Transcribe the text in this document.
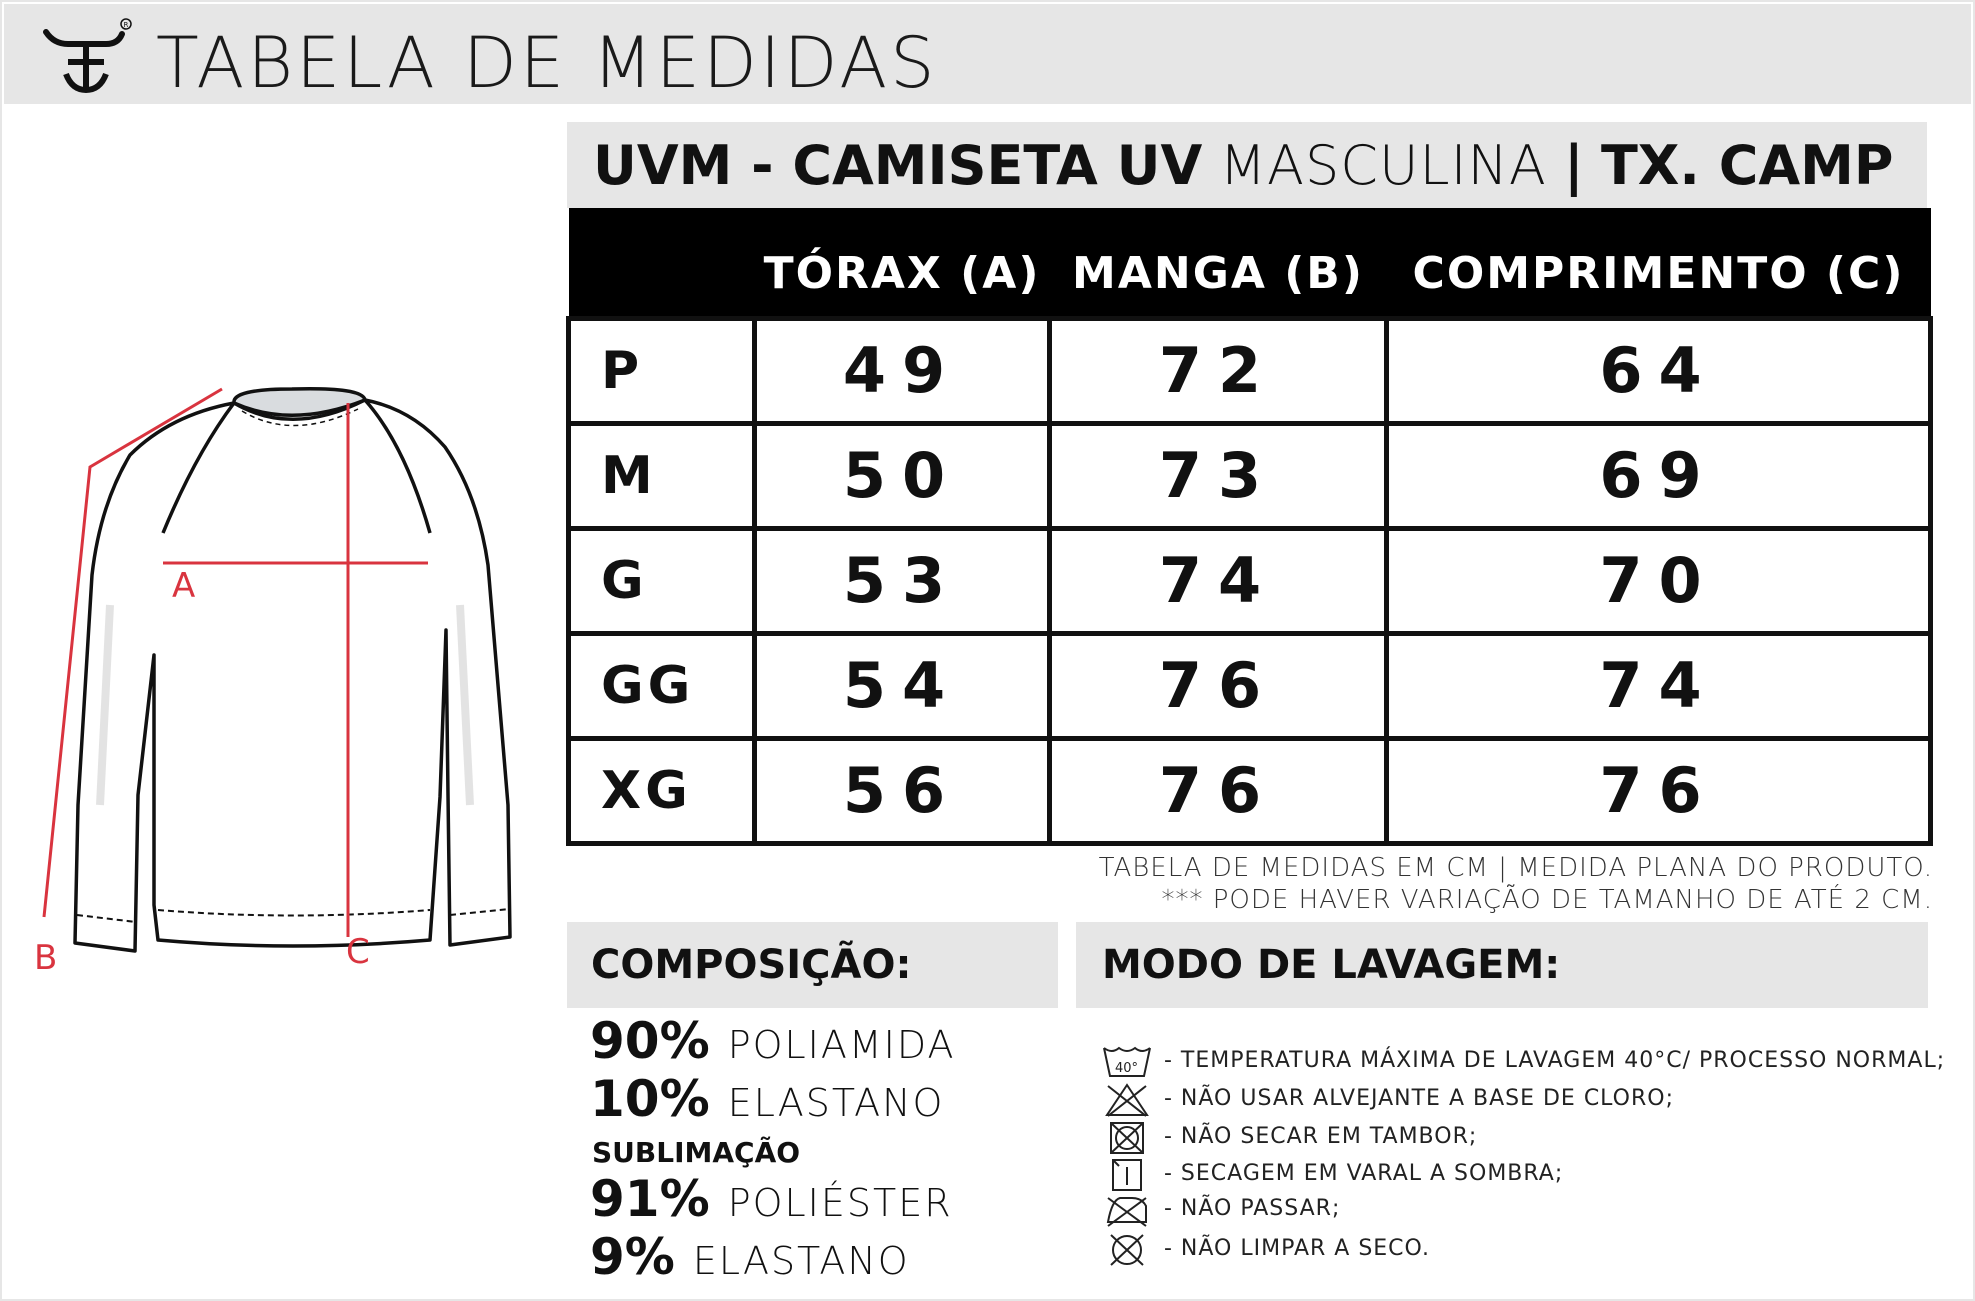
R TABELA DE MEDIDAS
A
B	C
UVM - CAMISETA UV MASCULINA | TX. CAMP
	TÓRAX (A)	MANGA (B)	COMPRIMENTO (C)
P	49	72	64
M	50	73	69
G	53	74	70
GG	54	76	74
XG	56	76	76
TABELA DE MEDIDAS EM CM | MEDIDA PLANA DO PRODUTO.
*** PODE HAVER VARIAÇÃO DE TAMANHO DE ATÉ 2 CM.
COMPOSIÇÃO:
90% POLIAMIDA
10% ELASTANO
SUBLIMAÇÃO
91% POLIÉSTER
9% ELASTANO
MODO DE LAVAGEM:
40° - TEMPERATURA MÁXIMA DE LAVAGEM 40°C/ PROCESSO NORMAL;
- NÃO USAR ALVEJANTE A BASE DE CLORO;
- NÃO SECAR EM TAMBOR;
- SECAGEM EM VARAL A SOMBRA;
- NÃO PASSAR;
- NÃO LIMPAR A SECO.
